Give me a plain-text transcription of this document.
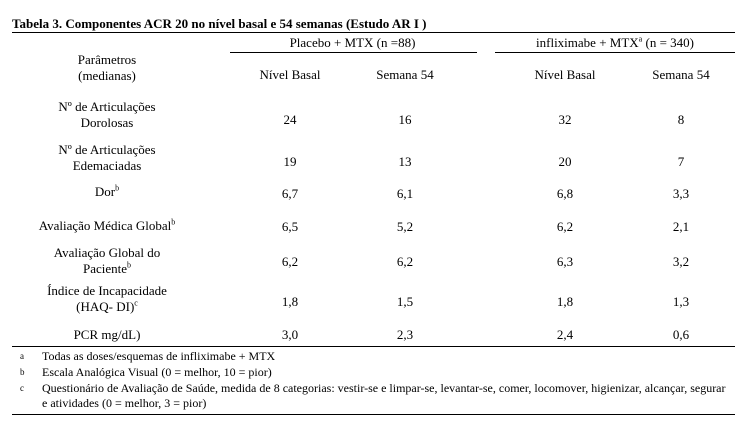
Tabela 3. Componentes ACR 20 no nível basal e 54 semanas (Estudo AR I )
Placebo + MTX (n =88)	infliximabe + $MTX^a$ (n = 340)
Parâmetros
(medianas)	Nível Basal	Semana 54	Nível Basal	Semana 54
Nº de Articulações
Dorolosas	24	16	32	8
Nº de Articulações
Edemaciadas	19	13	20	7
Dor$^b$	6,7	6,1	6,8	3,3
Avaliação Médica Global$^b$	6,5	5,2	6,2	2,1
Avaliação Global do
Paciente$^b$	6,2	6,2	6,3	3,2
Índice de Incapacidade
(HAQ- DI)$^c$	1,8	1,5	1,8	1,3
PCR mg/dL)	3,0	2,3	2,4	0,6
a Todas as doses/esquemas de infliximabe + MTX
b Escala Analógica Visual (0 = melhor, 10 = pior)
c Questionário de Avaliação de Saúde, medida de 8 categorias: vestir-se e limpar-se, levantar-se, comer, locomover, higienizar, alcançar, segurar e atividades (0 = melhor, 3 = pior)
